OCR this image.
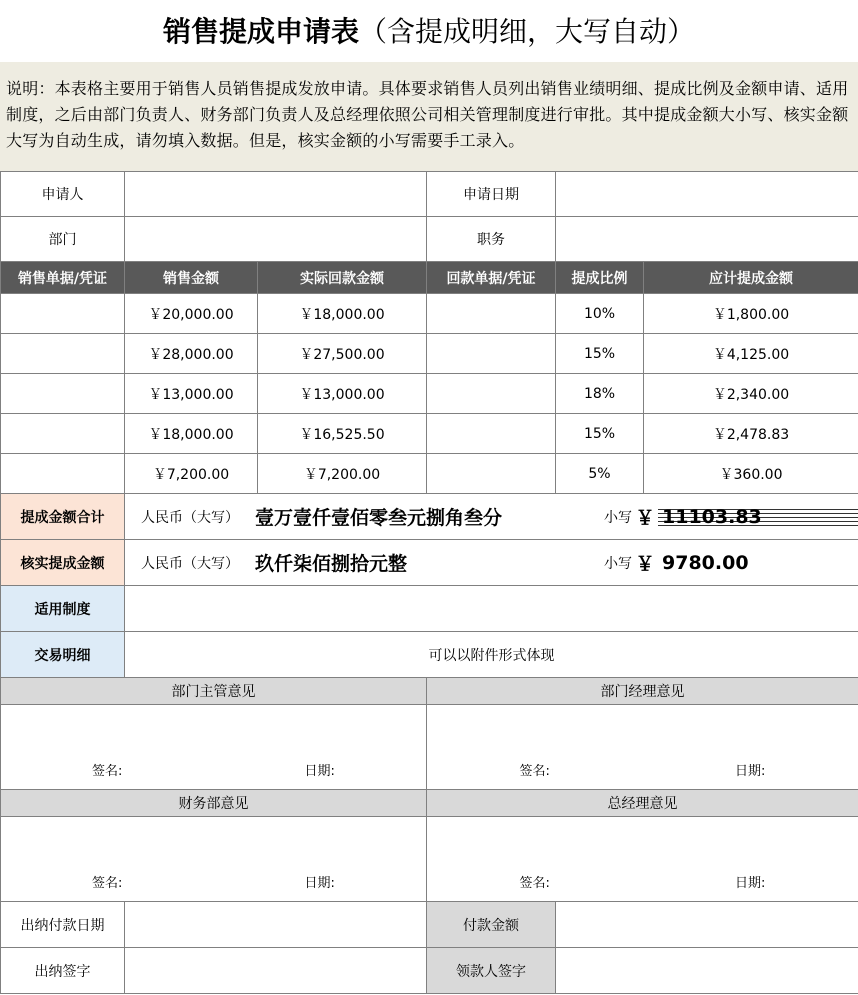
销售提成申请表（含提成明细，大写自动）
说明：本表格主要用于销售人员销售提成发放申请。具体要求销售人员列出销售业绩明细、提成比例及金额申请、适用制度，之后由部门负责人、财务部门负责人及总经理依照公司相关管理制度进行审批。其中提成金额大小写、核实金额大写为自动生成，请勿填入数据。但是，核实金额的小写需要手工录入。
申请人			申请日期		
部门			职务		
销售单据/凭证	销售金额	实际回款金额	回款单据/凭证	提成比例	应计提成金额
	￥20,000.00	￥18,000.00		10%	￥1,800.00
	￥28,000.00	￥27,500.00		15%	￥4,125.00
	￥13,000.00	￥13,000.00		18%	￥2,340.00
	￥18,000.00	￥16,525.50		15%	￥2,478.83
	￥7,200.00	￥7,200.00		5%	￥360.00
提成金额合计	人民币（大写） 壹万壹仟壹佰零叁元捌角叁分 小写 ￥ 11103.83				

核实提成金额	人民币（大写） 玖仟柒佰捌拾元整 小写 ￥ 9780.00				

适用制度					
交易明细	可以以附件形式体现				
部门主管意见			部门经理意见		

签名: 日期:			签名: 日期:		

财务部意见			总经理意见		

签名: 日期:			签名: 日期:		

出纳付款日期			付款金额		
出纳签字			领款人签字		
